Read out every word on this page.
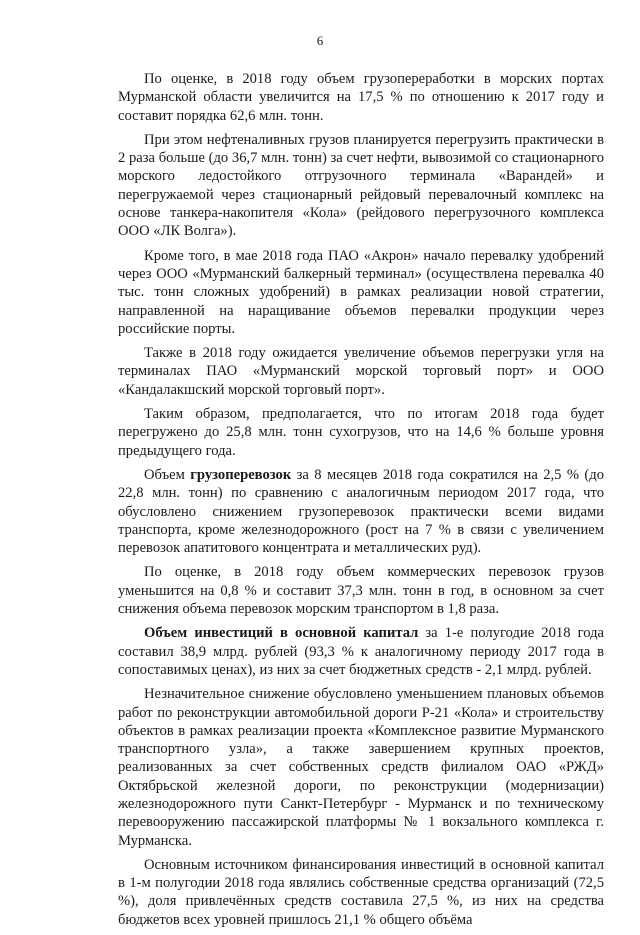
6

По оценке, в 2018 году объем грузопереработки в морских портах Мурманской области увеличится на 17,5 % по отношению к 2017 году и составит порядка 62,6 млн. тонн.

При этом нефтеналивных грузов планируется перегрузить практически в 2 раза больше (до 36,7 млн. тонн) за счет нефти, вывозимой со стационарного морского ледостойкого отгрузочного терминала «Варандей» и перегружаемой через стационарный рейдовый перевалочный комплекс на основе танкера-накопителя «Кола» (рейдового перегрузочного комплекса ООО «ЛК Волга»).

Кроме того, в мае 2018 года ПАО «Акрон» начало перевалку удобрений через ООО «Мурманский балкерный терминал» (осуществлена перевалка 40 тыс. тонн сложных удобрений) в рамках реализации новой стратегии, направленной на наращивание объемов перевалки продукции через российские порты.

Также в 2018 году ожидается увеличение объемов перегрузки угля на терминалах ПАО «Мурманский морской торговый порт» и ООО «Кандалакшский морской торговый порт».

Таким образом, предполагается, что по итогам 2018 года будет перегружено до 25,8 млн. тонн сухогрузов, что на 14,6 % больше уровня предыдущего года.

Объем грузоперевозок за 8 месяцев 2018 года сократился на 2,5 % (до 22,8 млн. тонн) по сравнению с аналогичным периодом 2017 года, что обусловлено снижением грузоперевозок практически всеми видами транспорта, кроме железнодорожного (рост на 7 % в связи с увеличением перевозок апатитового концентрата и металлических руд).

По оценке, в 2018 году объем коммерческих перевозок грузов уменьшится на 0,8 % и составит 37,3 млн. тонн в год, в основном за счет снижения объема перевозок морским транспортом в 1,8 раза.

Объем инвестиций в основной капитал за 1-е полугодие 2018 года составил 38,9 млрд. рублей (93,3 % к аналогичному периоду 2017 года в сопоставимых ценах), из них за счет бюджетных средств - 2,1 млрд. рублей.

Незначительное снижение обусловлено уменьшением плановых объемов работ по реконструкции автомобильной дороги Р-21 «Кола» и строительству объектов в рамках реализации проекта «Комплексное развитие Мурманского транспортного узла», а также завершением крупных проектов, реализованных за счет собственных средств филиалом ОАО «РЖД» Октябрьской железной дороги, по реконструкции (модернизации) железнодорожного пути Санкт-Петербург - Мурманск и по техническому перевооружению пассажирской платформы № 1 вокзального комплекса г. Мурманска.

Основным источником финансирования инвестиций в основной капитал в 1-м полугодии 2018 года являлись собственные средства организаций (72,5 %), доля привлечённых средств составила 27,5 %, из них на средства бюджетов всех уровней пришлось 21,1 % общего объёма
